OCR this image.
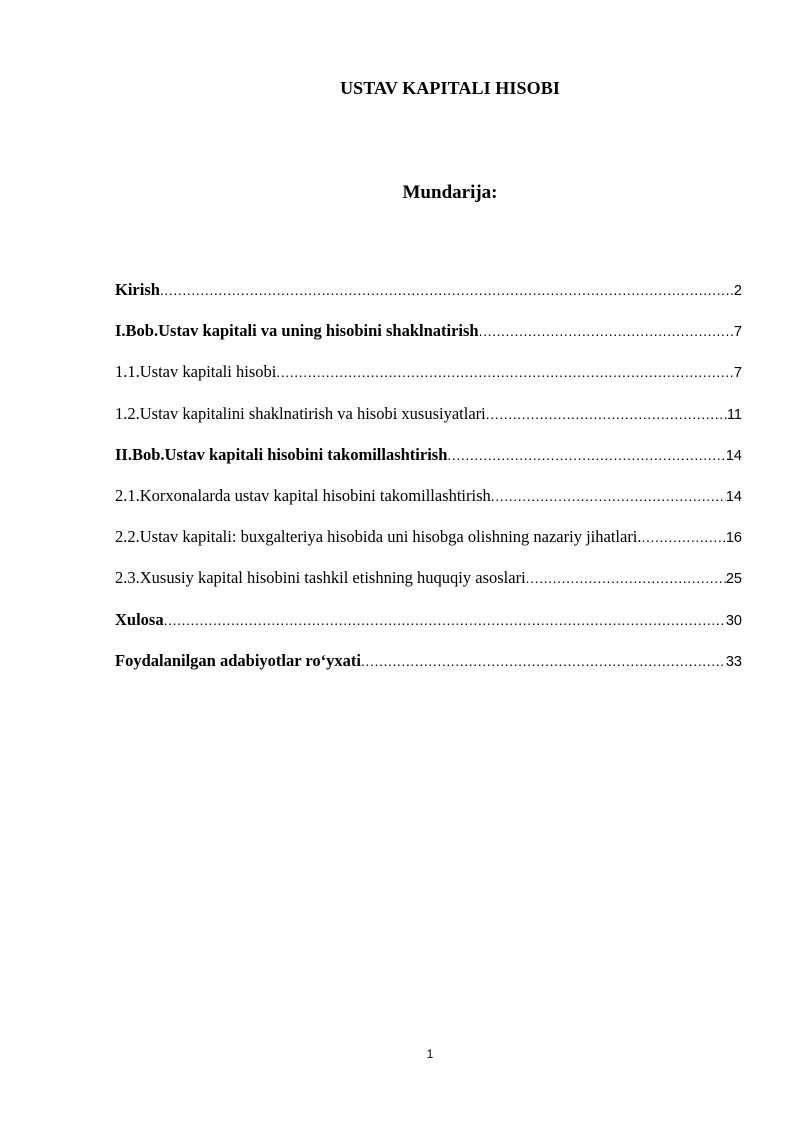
USTAV KAPITALI HISOBI
Mundarija:
Kirish .....	2
I.Bob.Ustav kapitali va uning hisobini shaklnatirish .....	7
1.1.Ustav kapitali hisobi .....	7
1.2.Ustav kapitalini shaklnatirish va hisobi xususiyatlari .....	11
II.Bob.Ustav kapitali hisobini takomillashtirish .....	14
2.1.Korxonalarda ustav kapital hisobini takomillashtirish .....	14
2.2.Ustav kapitali: buxgalteriya hisobida uni hisobga olishning nazariy jihatlari. .....	16
2.3.Xususiy kapital hisobini tashkil etishning huquqiy asoslari .....	25
Xulosa .....	30
Foydalanilgan adabiyotlar ro‘yxati .....	33
1
